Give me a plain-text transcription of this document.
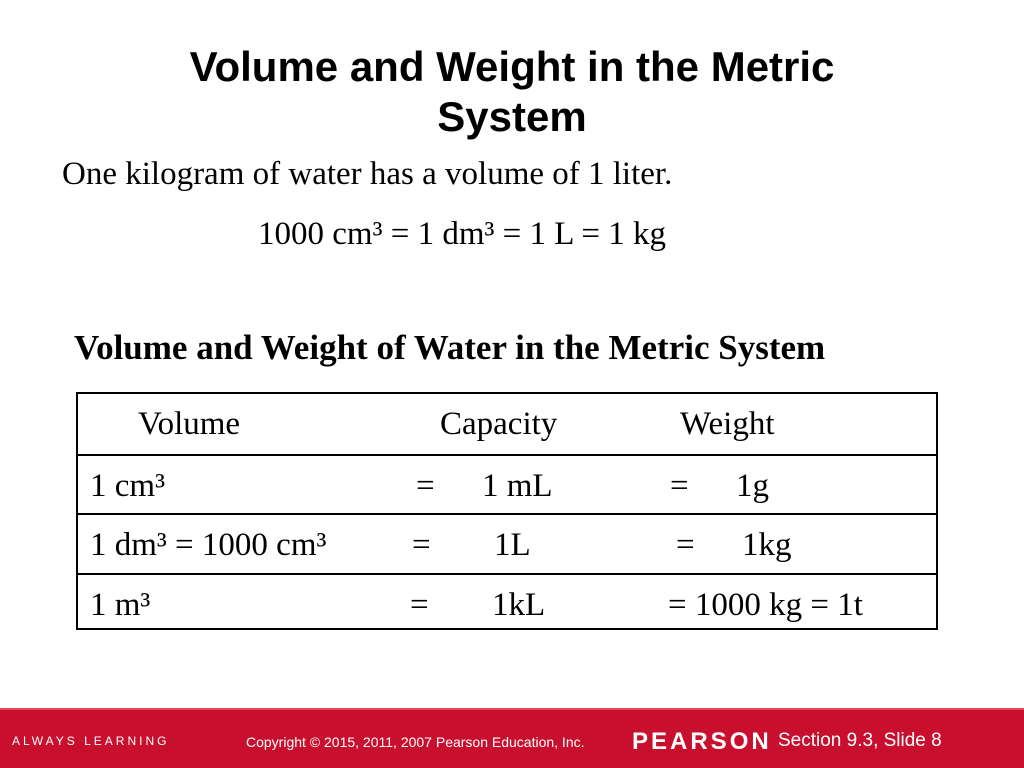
Volume and Weight in the Metric
System
One kilogram of water has a volume of 1 liter.
1000 cm³ = 1 dm³ = 1 L = 1 kg
Volume and Weight of Water in the Metric System
Volume	Capacity	Weight
1 cm³	= 1 mL	= 1g
1 dm³ = 1000 cm³	= 1L	= 1kg
1 m³	= 1kL	= 1000 kg = 1t
ALWAYS LEARNING	Copyright © 2015, 2011, 2007 Pearson Education, Inc. PEARSON Section 9.3, Slide 8
